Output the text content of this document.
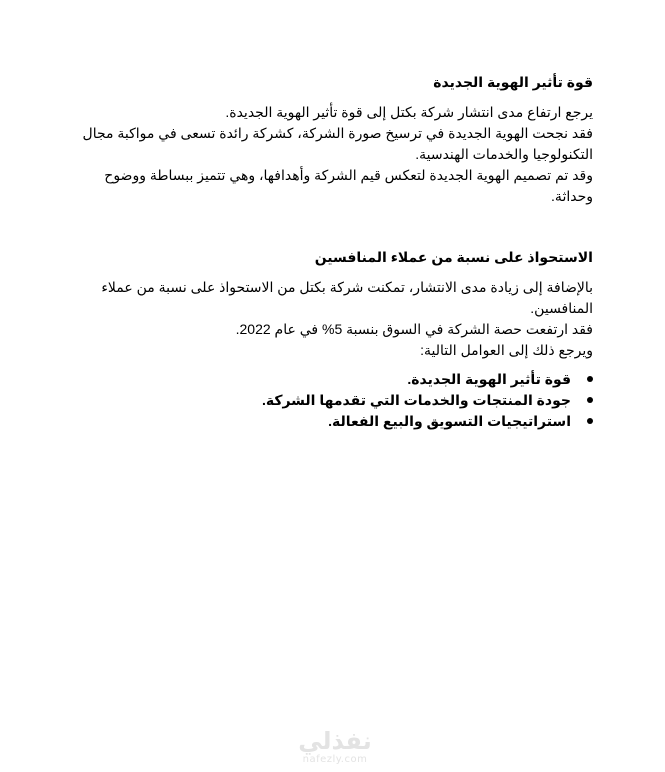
قوة تأثير الهوية الجديدة

يرجع ارتفاع مدى انتشار شركة بكتل إلى قوة تأثير الهوية الجديدة.

فقد نجحت الهوية الجديدة في ترسيخ صورة الشركة، كشركة رائدة تسعى في مواكبة مجال التكنولوجيا والخدمات الهندسية.

وقد تم تصميم الهوية الجديدة لتعكس قيم الشركة وأهدافها، وهي تتميز ببساطة ووضوح وحداثة.

الاستحواذ على نسبة من عملاء المنافسين

بالإضافة إلى زيادة مدى الانتشار، تمكنت شركة بكتل من الاستحواذ على نسبة من عملاء المنافسين.

فقد ارتفعت حصة الشركة في السوق بنسبة 5% في عام 2022.

ويرجع ذلك إلى العوامل التالية:

قوة تأثير الهوية الجديدة.
جودة المنتجات والخدمات التي تقدمها الشركة.
استراتيجيات التسويق والبيع الفعالة.
نفذلي
nafezly.com
